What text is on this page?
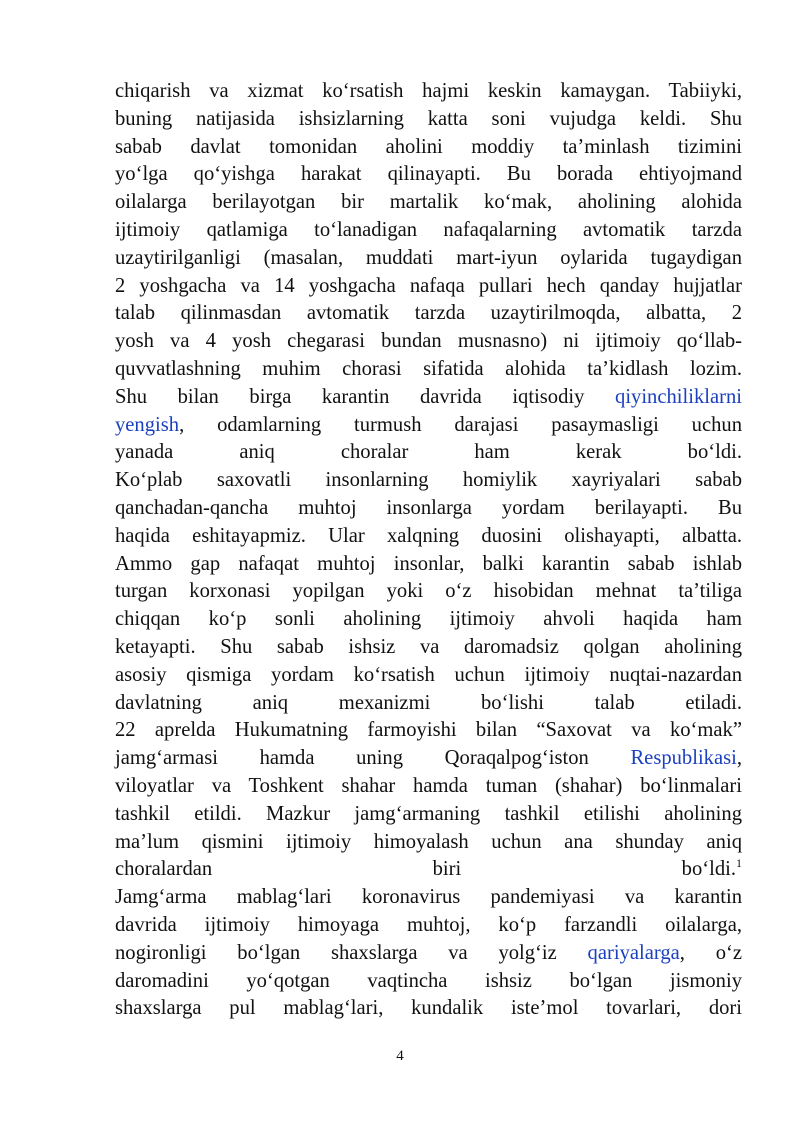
chiqarish va xizmat ko‘rsatish hajmi keskin kamaygan. Tabiiyki,
buning natijasida ishsizlarning katta soni vujudga keldi. Shu
sabab davlat tomonidan aholini moddiy ta’minlash tizimini
yo‘lga qo‘yishga harakat qilinayapti. Bu borada ehtiyojmand
oilalarga berilayotgan bir martalik ko‘mak, aholining alohida
ijtimoiy qatlamiga to‘lanadigan nafaqalarning avtomatik tarzda
uzaytirilganligi (masalan, muddati mart-iyun oylarida tugaydigan
2 yoshgacha va 14 yoshgacha nafaqa pullari hech qanday hujjatlar
talab qilinmasdan avtomatik tarzda uzaytirilmoqda, albatta, 2
yosh va 4 yosh chegarasi bundan musnasno) ni ijtimoiy qo‘llab-
quvvatlashning muhim chorasi sifatida alohida ta’kidlash lozim.
Shu bilan birga karantin davrida iqtisodiy qiyinchiliklarni
yengish, odamlarning turmush darajasi pasaymasligi uchun
yanada aniq choralar ham kerak bo‘ldi.
Ko‘plab saxovatli insonlarning homiylik xayriyalari sabab
qanchadan-qancha muhtoj insonlarga yordam berilayapti. Bu
haqida eshitayapmiz. Ular xalqning duosini olishayapti, albatta.
Ammo gap nafaqat muhtoj insonlar, balki karantin sabab ishlab
turgan korxonasi yopilgan yoki o‘z hisobidan mehnat ta’tiliga
chiqqan ko‘p sonli aholining ijtimoiy ahvoli haqida ham
ketayapti. Shu sabab ishsiz va daromadsiz qolgan aholining
asosiy qismiga yordam ko‘rsatish uchun ijtimoiy nuqtai-nazardan
davlatning aniq mexanizmi bo‘lishi talab etiladi.
22 aprelda Hukumatning farmoyishi bilan “Saxovat va ko‘mak”
jamg‘armasi hamda uning Qoraqalpog‘iston Respublikasi,
viloyatlar va Toshkent shahar hamda tuman (shahar) bo‘linmalari
tashkil etildi. Mazkur jamg‘armaning tashkil etilishi aholining
ma’lum qismini ijtimoiy himoyalash uchun ana shunday aniq
choralardan biri bo‘ldi.$^1$
Jamg‘arma mablag‘lari koronavirus pandemiyasi va karantin
davrida ijtimoiy himoyaga muhtoj, ko‘p farzandli oilalarga,
nogironligi bo‘lgan shaxslarga va yolg‘iz qariyalarga, o‘z
daromadini yo‘qotgan vaqtincha ishsiz bo‘lgan jismoniy
shaxslarga pul mablag‘lari, kundalik iste’mol tovarlari, dori
4
